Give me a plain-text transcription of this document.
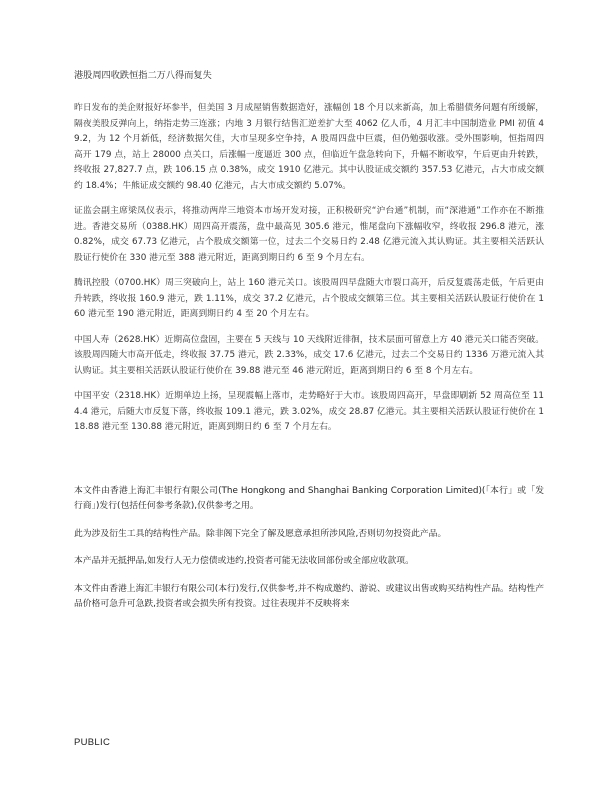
港股周四收跌恒指二万八得而复失

昨日发布的美企财报好坏参半，但美国 3 月成屋销售数据造好，涨幅创 18 个月以来新高，加上希腊债务问题有所缓解，隔夜美股反弹向上，纳指走势三连涨；内地 3 月银行结售汇逆差扩大至 4062 亿人币，4 月汇丰中国制造业 PMI 初值 49.2，为 12 个月新低，经济数据欠佳，大市呈现多空争持，A 股周四盘中巨震，但仍勉强收涨。受外围影响，恒指周四高开 179 点，站上 28000 点关口，后涨幅一度逼近 300 点，但临近午盘急转向下，升幅不断收窄，午后更由升转跌，终收报 27,827.7 点，跌 106.15 点 0.38%，成交 1910 亿港元。其中认股证成交额约 357.53 亿港元，占大市成交额约 18.4%；牛熊证成交额约 98.40 亿港元，占大市成交额约 5.07%。

证监会副主席梁凤仪表示，将推动两岸三地资本市场开发对接，正积极研究“沪台通”机制，而“深港通”工作亦在不断推进。香港交易所（0388.HK）周四高开震荡，盘中最高见 305.6 港元，惟尾盘向下涨幅收窄，终收报 296.8 港元，涨 0.82%，成交 67.73 亿港元，占个股成交额第一位，过去二个交易日约 2.48 亿港元流入其认购证。其主要相关活跃认股证行使价在 330 港元至 388 港元附近，距离到期日约 6 至 9 个月左右。

腾讯控股（0700.HK）周三突破向上，站上 160 港元关口。该股周四早盘随大市裂口高开，后反复震荡走低，午后更由升转跌，终收报 160.9 港元，跌 1.11%，成交 37.2 亿港元，占个股成交额第三位。其主要相关活跃认股证行使价在 160 港元至 190 港元附近，距离到期日约 4 至 20 个月左右。

中国人寿（2628.HK）近期高位盘固，主要在 5 天线与 10 天线附近徘徊，技术层面可留意上方 40 港元关口能否突破。该股周四随大市高开低走，终收报 37.75 港元，跌 2.33%，成交 17.6 亿港元，过去二个交易日约 1336 万港元流入其认购证。其主要相关活跃认股证行使价在 39.88 港元至 46 港元附近，距离到期日约 6 至 8 个月左右。

中国平安（2318.HK）近期单边上扬，呈现震幅上落市，走势略好于大市。该股周四高开，早盘即刷新 52 周高位至 114.4 港元，后随大市反复下落，终收报 109.1 港元，跌 3.02%，成交 28.87 亿港元。其主要相关活跃认股证行使价在 118.88 港元至 130.88 港元附近，距离到期日约 6 至 7 个月左右。

本文件由香港上海汇丰银行有限公司(The Hongkong and Shanghai Banking Corporation Limited)(「本行」或「发行商」)发行(包括任何参考条款),仅供参考之用。

此为涉及衍生工具的结构性产品。除非阁下完全了解及愿意承担所涉风险,否则切勿投资此产品。

本产品并无抵押品,如发行人无力偿债或违约,投资者可能无法收回部份或全部应收款项。

本文件由香港上海汇丰银行有限公司(本行)发行,仅供参考,并不构成邀约、游说、或建议出售或购买结构性产品。结构性产品价格可急升可急跌,投资者或会损失所有投资。过往表现并不反映将来

PUBLIC
